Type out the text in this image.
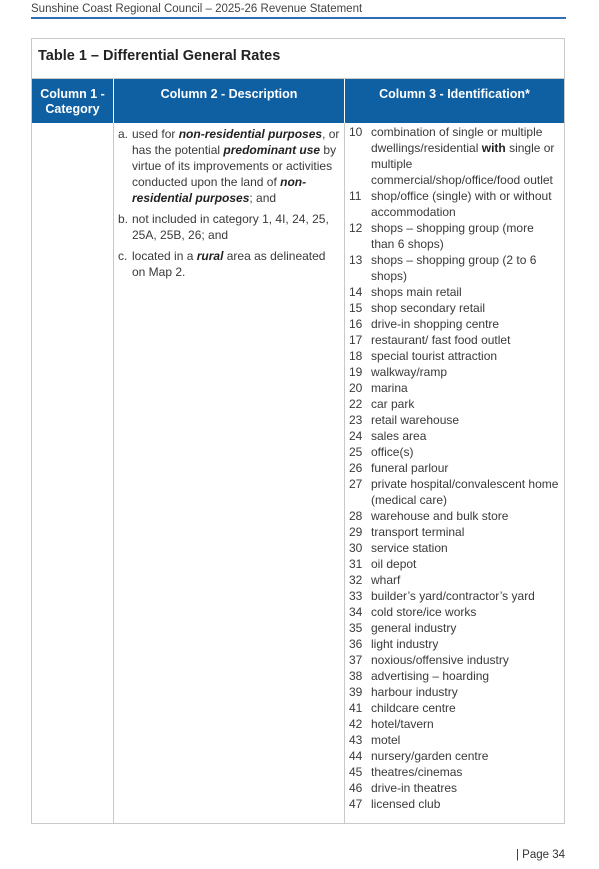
Sunshine Coast Regional Council – 2025-26 Revenue Statement
Table 1 – Differential General Rates
Column 1 - Category
Column 2 - Description	Column 3 - Identification*
a. used for non-residential purposes, or has the potential predominant use by virtue of its improvements or activities conducted upon the land of non-residential purposes; and
b. not included in category 1, 4I, 24, 25, 25A, 25B, 26; and
c. located in a rural area as delineated on Map 2.
10 combination of single or multiple dwellings/residential with single or multiple commercial/shop/office/food outlet
11 shop/office (single) with or without accommodation
12 shops – shopping group (more than 6 shops)
13 shops – shopping group (2 to 6 shops)
14 shops main retail
15 shop secondary retail
16 drive-in shopping centre
17 restaurant/ fast food outlet
18 special tourist attraction
19 walkway/ramp
20 marina
22 car park
23 retail warehouse
24 sales area
25 office(s)
26 funeral parlour
27 private hospital/convalescent home (medical care)
28 warehouse and bulk store
29 transport terminal
30 service station
31 oil depot
32 wharf
33 builder’s yard/contractor’s yard
34 cold store/ice works
35 general industry
36 light industry
37 noxious/offensive industry
38 advertising – hoarding
39 harbour industry
41 childcare centre
42 hotel/tavern
43 motel
44 nursery/garden centre
45 theatres/cinemas
46 drive-in theatres
47 licensed club
| Page 34
